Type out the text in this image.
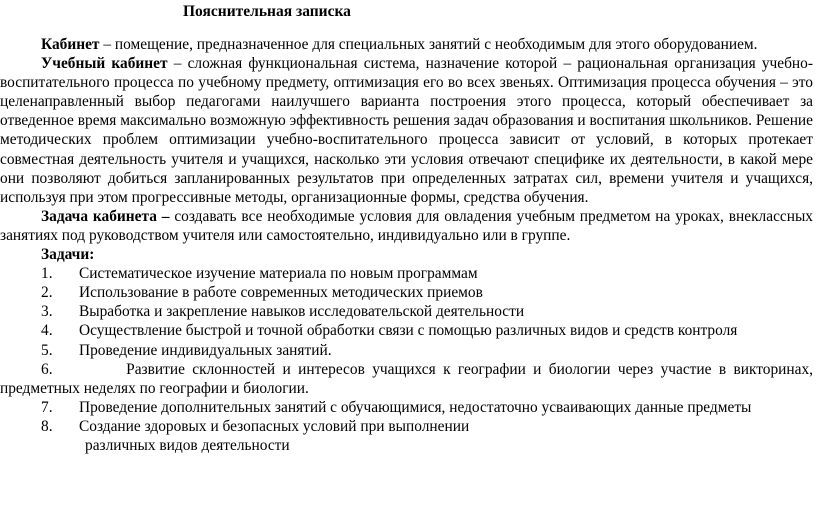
Пояснительная записка

Кабинет – помещение, предназначенное для специальных занятий с необходимым для этого оборудованием.

Учебный кабинет – сложная функциональная система, назначение которой – рациональная организация учебно-воспитательного процесса по учебному предмету, оптимизация его во всех звеньях. Оптимизация процесса обучения – это целенаправленный выбор педагогами наилучшего варианта построения этого процесса, который обеспечивает за отведенное время максимально возможную эффективность решения задач образования и воспитания школьников. Решение методических проблем оптимизации учебно-воспитательного процесса зависит от условий, в которых протекает совместная деятельность учителя и учащихся, насколько эти условия отвечают специфике их деятельности, в какой мере они позволяют добиться запланированных результатов при определенных затратах сил, времени учителя и учащихся, используя при этом прогрессивные методы, организационные формы, средства обучения.

Задача кабинета – создавать все необходимые условия для овладения учебным предметом на уроках, внеклассных занятиях под руководством учителя или самостоятельно, индивидуально или в группе.

Задачи:

1. Систематическое изучение материала по новым программам
2. Использование в работе современных методических приемов
3. Выработка и закрепление навыков исследовательской деятельности
4. Осуществление быстрой и точной обработки связи с помощью различных видов и средств контроля
5. Проведение индивидуальных занятий.
6.	Развитие склонностей и интересов учащихся к географии и биологии через участие в викторинах, предметных неделях по географии и биологии.
7. Проведение дополнительных занятий с обучающимися, недостаточно усваивающих данные предметы
8. Создание здоровых и безопасных условий при выполнении
различных видов деятельности
